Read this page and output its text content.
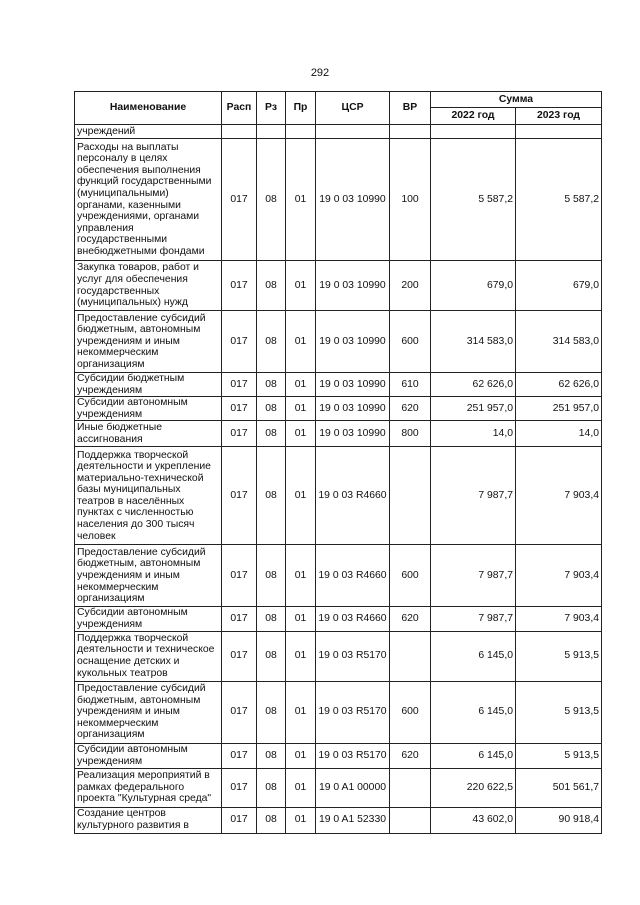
292
Наименование	Расп	Рз	Пр	ЦСР	ВР	Сумма	
						2022 год	2023 год
учреждений							
Расходы на выплаты персоналу в целях обеспечения выполнения функций государственными (муниципальными) органами, казенными учреждениями, органами управления государственными внебюджетными фондами	017	08	01	19 0 03 10990	100	5 587,2	5 587,2
Закупка товаров, работ и услуг для обеспечения государственных (муниципальных) нужд	017	08	01	19 0 03 10990	200	679,0	679,0
Предоставление субсидий бюджетным, автономным учреждениям и иным некоммерческим организациям	017	08	01	19 0 03 10990	600	314 583,0	314 583,0
Субсидии бюджетным учреждениям	017	08	01	19 0 03 10990	610	62 626,0	62 626,0
Субсидии автономным учреждениям	017	08	01	19 0 03 10990	620	251 957,0	251 957,0
Иные бюджетные ассигнования	017	08	01	19 0 03 10990	800	14,0	14,0
Поддержка творческой деятельности и укрепление материально-технической базы муниципальных театров в населённых пунктах с численностью населения до 300 тысяч человек	017	08	01	19 0 03 R4660		7 987,7	7 903,4
Предоставление субсидий бюджетным, автономным учреждениям и иным некоммерческим организациям	017	08	01	19 0 03 R4660	600	7 987,7	7 903,4
Субсидии автономным учреждениям	017	08	01	19 0 03 R4660	620	7 987,7	7 903,4
Поддержка творческой деятельности и техническое оснащение детских и кукольных театров	017	08	01	19 0 03 R5170		6 145,0	5 913,5
Предоставление субсидий бюджетным, автономным учреждениям и иным некоммерческим организациям	017	08	01	19 0 03 R5170	600	6 145,0	5 913,5
Субсидии автономным учреждениям	017	08	01	19 0 03 R5170	620	6 145,0	5 913,5
Реализация мероприятий в рамках федерального проекта "Культурная среда"	017	08	01	19 0 A1 00000		220 622,5	501 561,7
Создание центров культурного развития в	017	08	01	19 0 A1 52330		43 602,0	90 918,4
